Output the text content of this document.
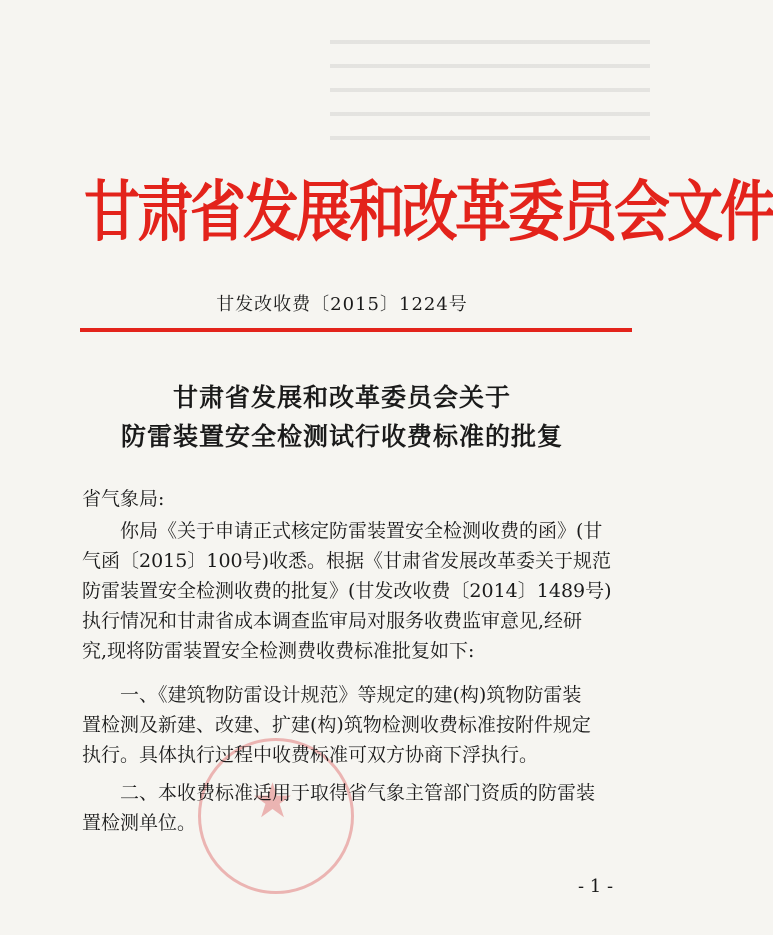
★
甘肃省发展和改革委员会文件
甘发改收费〔2015〕1224号
甘肃省发展和改革委员会关于
防雷装置安全检测试行收费标准的批复
省气象局:
你局《关于申请正式核定防雷装置安全检测收费的函》(甘
气函〔2015〕100号)收悉。根据《甘肃省发展改革委关于规范
防雷装置安全检测收费的批复》(甘发改收费〔2014〕1489号)
执行情况和甘肃省成本调查监审局对服务收费监审意见,经研
究,现将防雷装置安全检测费收费标准批复如下:
一、《建筑物防雷设计规范》等规定的建(构)筑物防雷装
置检测及新建、改建、扩建(构)筑物检测收费标准按附件规定
执行。具体执行过程中收费标准可双方协商下浮执行。
二、本收费标准适用于取得省气象主管部门资质的防雷装
置检测单位。
- 1 -
